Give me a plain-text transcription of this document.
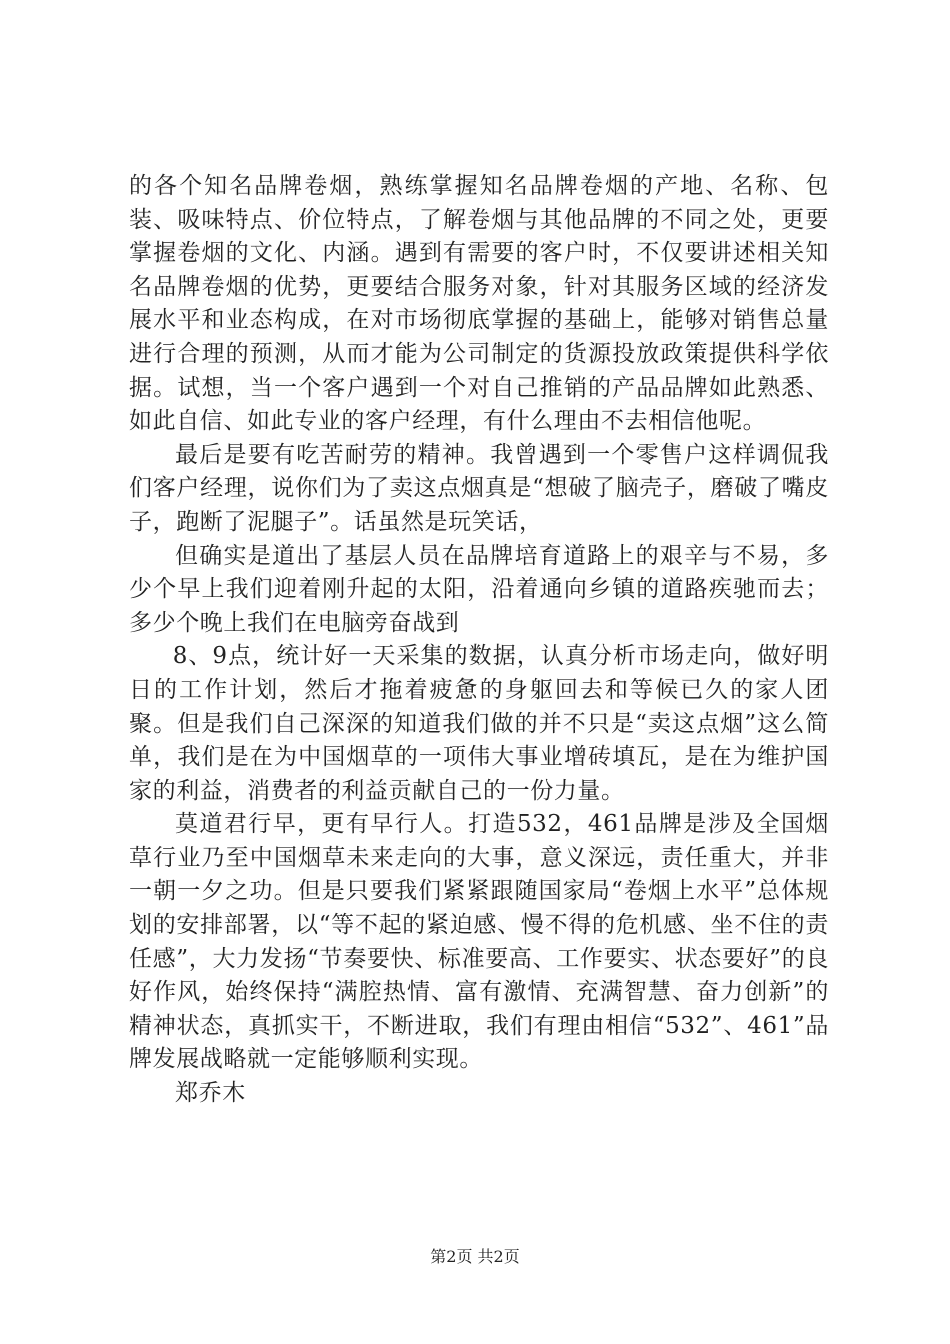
的各个知名品牌卷烟，熟练掌握知名品牌卷烟的产地、名称、包装、吸味特点、价位特点，了解卷烟与其他品牌的不同之处，更要掌握卷烟的文化、内涵。遇到有需要的客户时，不仅要讲述相关知名品牌卷烟的优势，更要结合服务对象，针对其服务区域的经济发展水平和业态构成，在对市场彻底掌握的基础上，能够对销售总量进行合理的预测，从而才能为公司制定的货源投放政策提供科学依据。试想，当一个客户遇到一个对自己推销的产品品牌如此熟悉、如此自信、如此专业的客户经理，有什么理由不去相信他呢。

最后是要有吃苦耐劳的精神。我曾遇到一个零售户这样调侃我们客户经理，说你们为了卖这点烟真是“想破了脑壳子，磨破了嘴皮子，跑断了泥腿子”。话虽然是玩笑话，

但确实是道出了基层人员在品牌培育道路上的艰辛与不易，多少个早上我们迎着刚升起的太阳，沿着通向乡镇的道路疾驰而去；多少个晚上我们在电脑旁奋战到

8、9点，统计好一天采集的数据，认真分析市场走向，做好明日的工作计划，然后才拖着疲惫的身躯回去和等候已久的家人团聚。但是我们自己深深的知道我们做的并不只是“卖这点烟”这么简单，我们是在为中国烟草的一项伟大事业增砖填瓦，是在为维护国家的利益，消费者的利益贡献自己的一份力量。

莫道君行早，更有早行人。打造532，461品牌是涉及全国烟草行业乃至中国烟草未来走向的大事，意义深远，责任重大，并非一朝一夕之功。但是只要我们紧紧跟随国家局“卷烟上水平”总体规划的安排部署，以“等不起的紧迫感、慢不得的危机感、坐不住的责任感”，大力发扬“节奏要快、标准要高、工作要实、状态要好”的良好作风，始终保持“满腔热情、富有激情、充满智慧、奋力创新”的精神状态，真抓实干，不断进取，我们有理由相信“532”、461”品牌发展战略就一定能够顺利实现。

郑乔木

第2页 共2页
